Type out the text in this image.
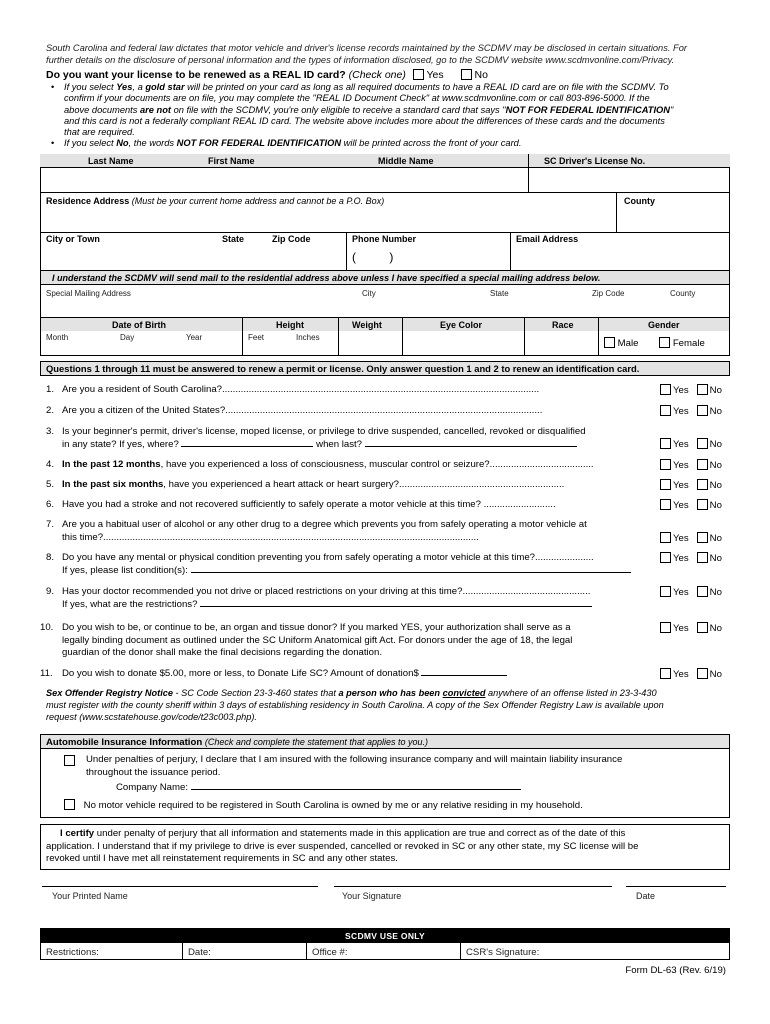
South Carolina and federal law dictates that motor vehicle and driver's license records maintained by the SCDMV may be disclosed in certain situations. For
further details on the disclosure of personal information and the types of information disclosed, go to the SCDMV website www.scdmvonline.com/Privacy.
Do you want your license to be renewed as a REAL ID card? (Check one) Yes	No
• If you select Yes, a gold star will be printed on your card as long as all required documents to have a REAL ID card are on file with the SCDMV. To
confirm if your documents are on file, you may complete the "REAL ID Document Check" at www.scdmvonline.com or call 803-896-5000. If the
above documents are not on file with the SCDMV, you're only eligible to receive a standard card that says "NOT FOR FEDERAL IDENTIFICATION"
and this card is not a federally compliant REAL ID card. The website above includes more about the differences of these cards and the documents
that are required.
• If you select No, the words NOT FOR FEDERAL IDENTIFICATION will be printed across the front of your card.
Last Name	First Name	Middle Name	SC Driver's License No.
Residence Address (Must be your current home address and cannot be a P.O. Box)	County
City or Town	State	Zip Code	Phone Number	Email Address
(          )
I understand the SCDMV will send mail to the residential address above unless I have specified a special mailing address below.
Special Mailing Address	City	State	Zip Code	County
Date of Birth	Height	Weight	Eye Color	Race	Gender
Month	Day	Year	Feet	Inches
Male	Female
Questions 1 through 11 must be answered to renew a permit or license. Only answer question 1 and 2 to renew an identification card.
1. Are you a resident of South Carolina?.......................................................................................................................	Yes No
2. Are you a citizen of the United States?.......................................................................................................................	Yes No
3. Is your beginner's permit, driver's license, moped license, or privilege to drive suspended, cancelled, revoked or disqualified
in any state? If yes, where?	when last?	Yes No
4. In the past 12 months, have you experienced a loss of consciousness, muscular control or seizure?.......................................	Yes No
5. In the past six months, have you experienced a heart attack or heart surgery?..............................................................	Yes No
6. Have you had a stroke and not recovered sufficiently to safely operate a motor vehicle at this time? ...........................	Yes No
7. Are you a habitual user of alcohol or any other drug to a degree which prevents you from safely operating a motor vehicle at
this time?.............................................................................................................................................	Yes No
8. Do you have any mental or physical condition preventing you from safely operating a motor vehicle at this time?......................
If yes, please list condition(s):
Yes No
9. Has your doctor recommended you not drive or placed restrictions on your driving at this time?................................................
If yes, what are the restrictions?
Yes No
10. Do you wish to be, or continue to be, an organ and tissue donor? If you marked YES, your authorization shall serve as a
legally binding document as outlined under the SC Uniform Anatomical gift Act. For donors under the age of 18, the legal
guardian of the donor shall make the final decisions regarding the donation.
Yes No
11. Do you wish to donate $5.00, more or less, to Donate Life SC? Amount of donation$	Yes No
Sex Offender Registry Notice - SC Code Section 23-3-460 states that a person who has been convicted anywhere of an offense listed in 23-3-430
must register with the county sheriff within 3 days of establishing residency in South Carolina. A copy of the Sex Offender Registry Law is available upon
request (www.scstatehouse.gov/code/t23c003.php).
Automobile Insurance Information (Check and complete the statement that applies to you.)
Under penalties of perjury, I declare that I am insured with the following insurance company and will maintain liability insurance
throughout the issuance period.
Company Name:
No motor vehicle required to be registered in South Carolina is owned by me or any relative residing in my household.
I certify under penalty of perjury that all information and statements made in this application are true and correct as of the date of this
application. I understand that if my privilege to drive is ever suspended, cancelled or revoked in SC or any other state, my SC license will be
revoked until I have met all reinstatement requirements in SC and any other states.
Your Printed Name	Your Signature	Date
SCDMV USE ONLY
Restrictions:	Date:	Office #:	CSR's Signature:
Form DL-63 (Rev. 6/19)
